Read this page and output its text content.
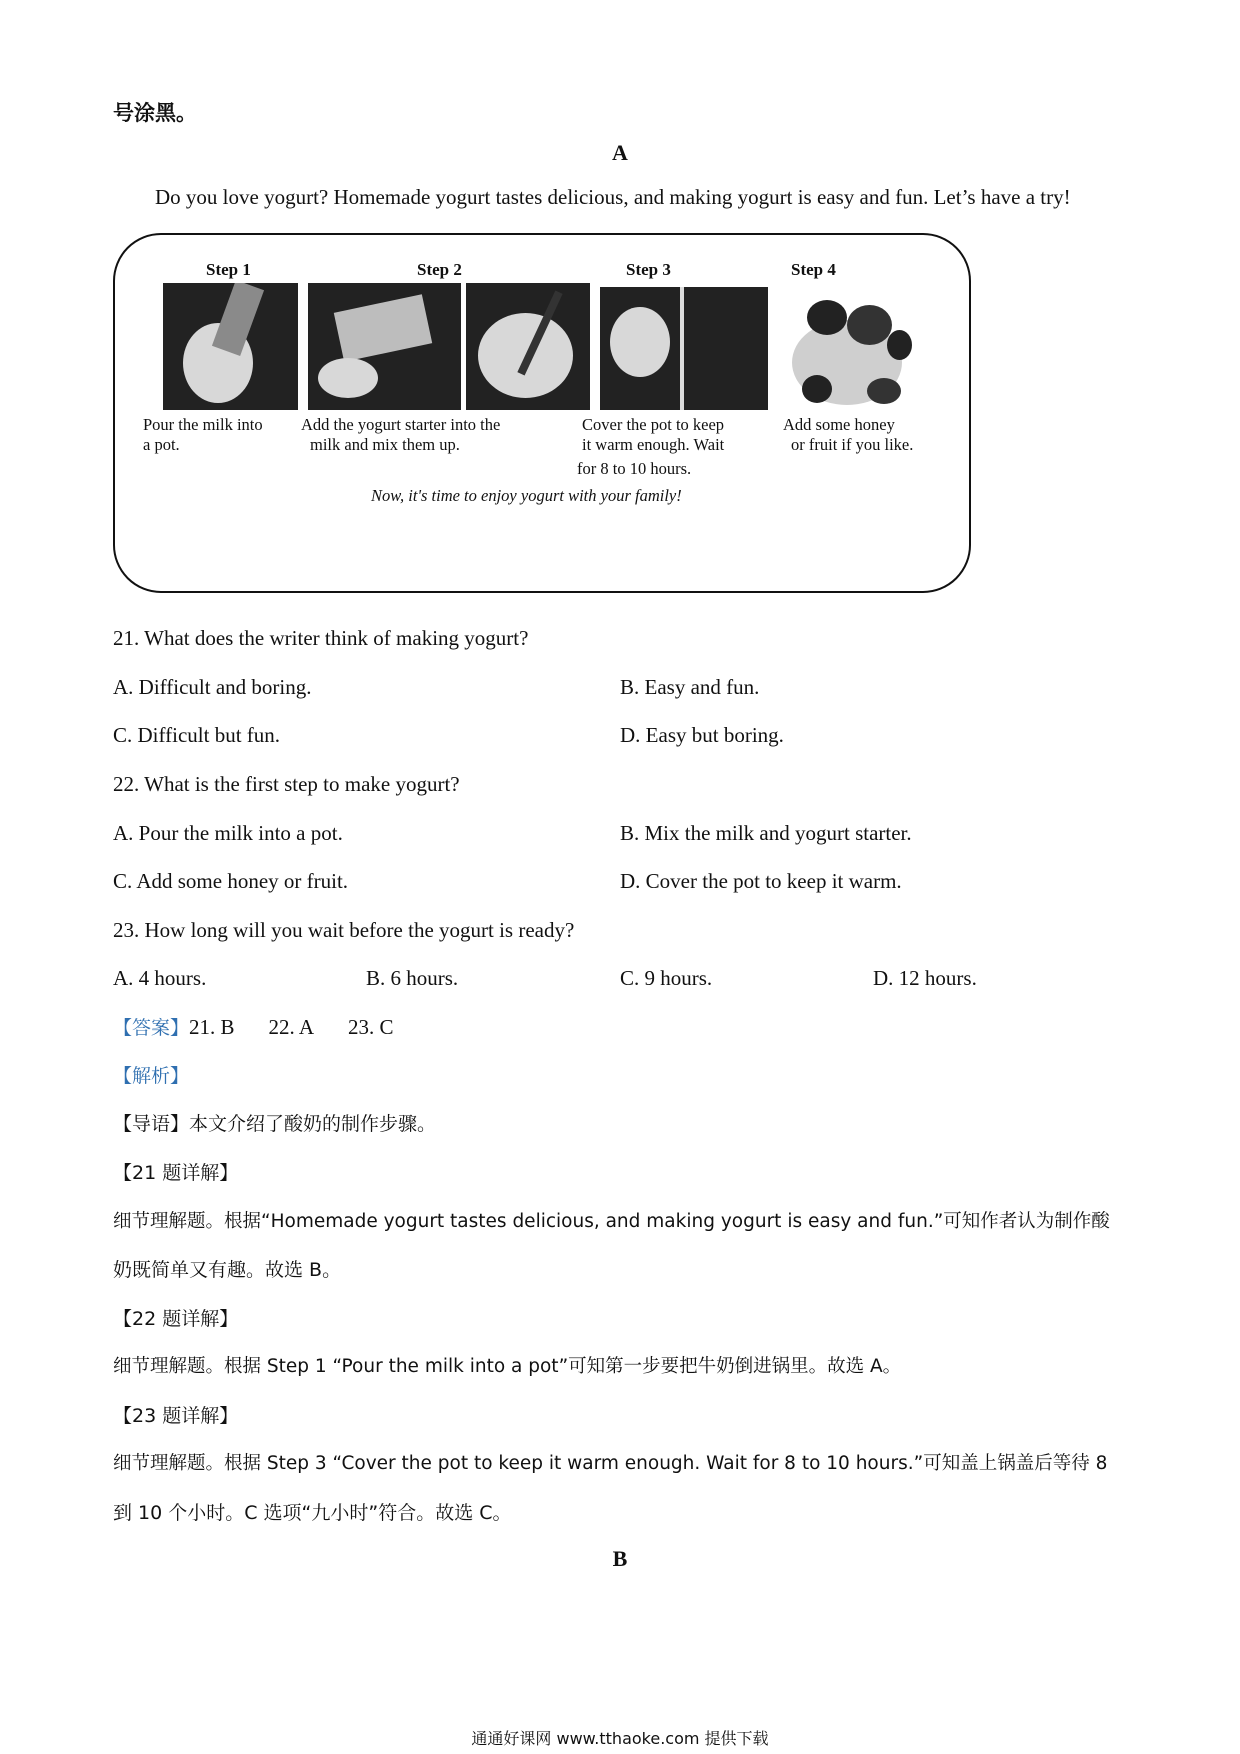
号涂黑。
A
Do you love yogurt? Homemade yogurt tastes delicious, and making yogurt is easy and fun. Let’s have a try!
Step 1	Step 2	Step 3	Step 4
Pour the milk into
a pot.
Add the yogurt starter into the
milk and mix them up.
Cover the pot to keep
it warm enough. Wait
for 8 to 10 hours.
Add some honey
or fruit if you like.
Now, it's time to enjoy yogurt with your family!
21. What does the writer think of making yogurt?
A. Difficult and boring.	B. Easy and fun.
C. Difficult but fun.	D. Easy but boring.
22. What is the first step to make yogurt?
A. Pour the milk into a pot.	B. Mix the milk and yogurt starter.
C. Add some honey or fruit.	D. Cover the pot to keep it warm.
23. How long will you wait before the yogurt is ready?
A. 4 hours.	B. 6 hours.	C. 9 hours.	D. 12 hours.
【答案】21. B 22. A 23. C
【解析】
【导语】本文介绍了酸奶的制作步骤。
【21 题详解】
细节理解题。根据“Homemade yogurt tastes delicious, and making yogurt is easy and fun.”可知作者认为制作酸
奶既简单又有趣。故选 B。
【22 题详解】
细节理解题。根据 Step 1 “Pour the milk into a pot”可知第一步要把牛奶倒进锅里。故选 A。
【23 题详解】
细节理解题。根据 Step 3 “Cover the pot to keep it warm enough. Wait for 8 to 10 hours.”可知盖上锅盖后等待 8
到 10 个小时。C 选项“九小时”符合。故选 C。
B
通通好课网 www.tthaoke.com 提供下载
